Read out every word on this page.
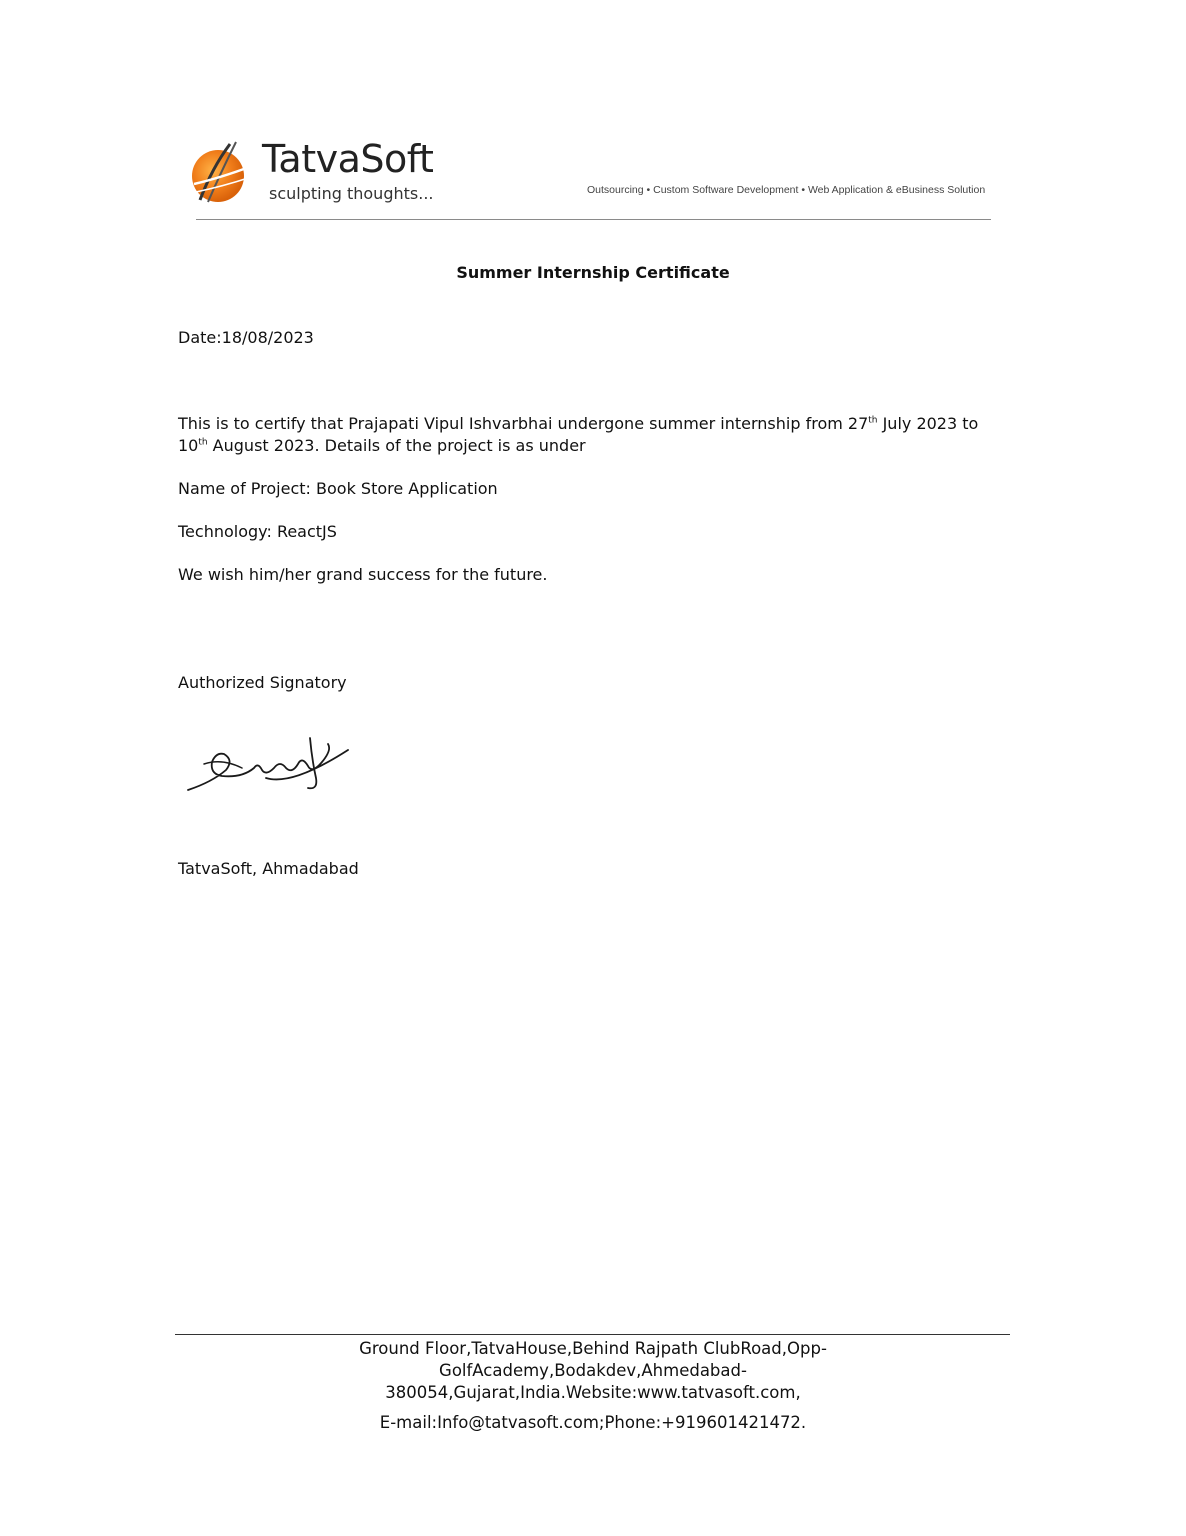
TatvaSoft
sculpting thoughts...	Outsourcing • Custom Software Development • Web Application & eBusiness Solution
Summer Internship Certificate
Date:18/08/2023
This is to certify that Prajapati Vipul Ishvarbhai undergone summer internship from 27th July 2023 to 10th August 2023. Details of the project is as under
Name of Project: Book Store Application
Technology: ReactJS
We wish him/her grand success for the future.
Authorized Signatory
TatvaSoft, Ahmadabad
Ground Floor,TatvaHouse,Behind Rajpath ClubRoad,Opp-
GolfAcademy,Bodakdev,Ahmedabad-
380054,Gujarat,India.Website:www.tatvasoft.com,
E-mail:Info@tatvasoft.com;Phone:+919601421472.
